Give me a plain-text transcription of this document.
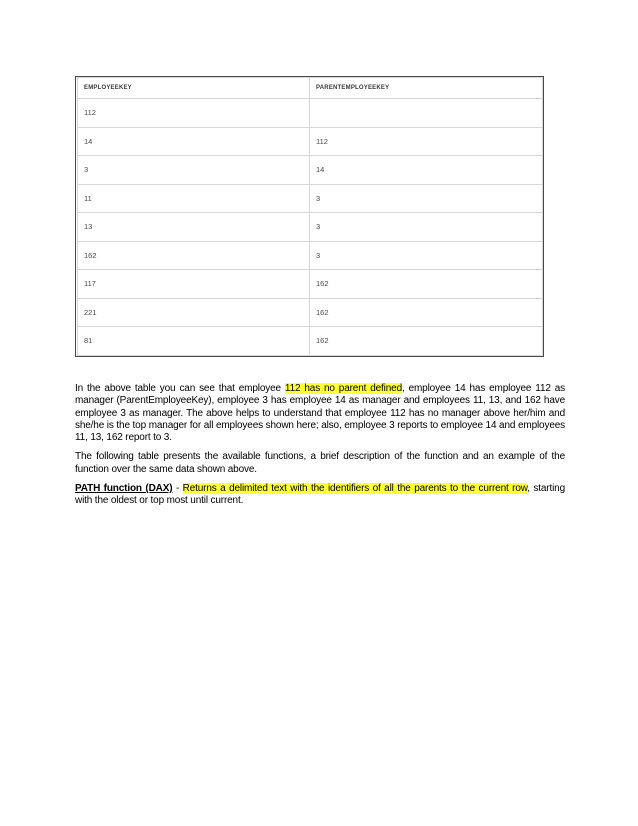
EMPLOYEEKEY	PARENTEMPLOYEEKEY
112	
14	112
3	14
11	3
13	3
162	3
117	162
221	162
81	162

In the above table you can see that employee 112 has no parent defined, employee 14 has employee 112 as manager (ParentEmployeeKey), employee 3 has employee 14 as manager and employees 11, 13, and 162 have employee 3 as manager. The above helps to understand that employee 112 has no manager above her/him and she/he is the top manager for all employees shown here; also, employee 3 reports to employee 14 and employees 11, 13, 162 report to 3.

The following table presents the available functions, a brief description of the function and an example of the function over the same data shown above.

PATH function (DAX) - Returns a delimited text with the identifiers of all the parents to the current row, starting with the oldest or top most until current.
